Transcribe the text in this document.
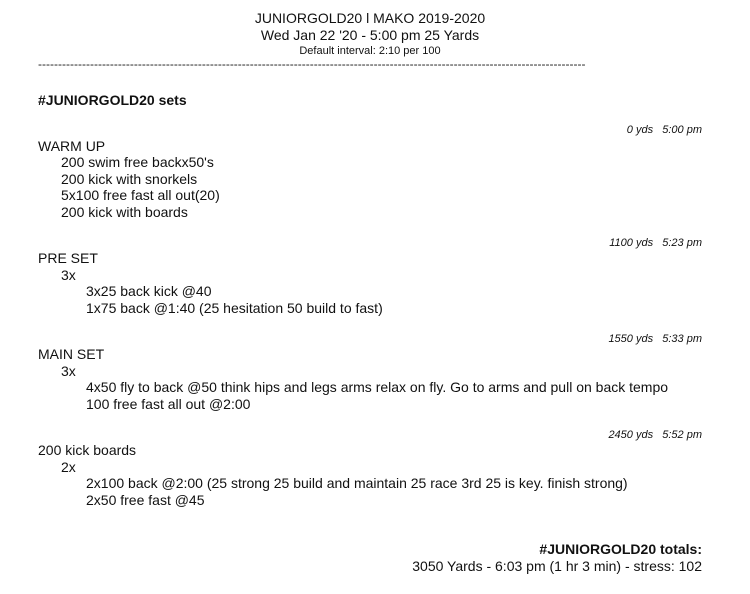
JUNIORGOLD20 l MAKO 2019-2020
Wed Jan 22 '20 - 5:00 pm 25 Yards
Default interval: 2:10 per 100
-----------------------------------------------------------------------------------------------------------------------------------------
#JUNIORGOLD20 sets
0 yds   5:00 pm
WARM UP
200 swim free backx50's
200 kick with snorkels
5x100 free fast all out(20)
200 kick with boards
1100 yds   5:23 pm
PRE SET
3x
3x25 back kick @40
1x75 back @1:40 (25 hesitation 50 build to fast)
1550 yds   5:33 pm
MAIN SET
3x
4x50 fly to back @50 think hips and legs arms relax on fly. Go to arms and pull on back tempo
100 free fast all out @2:00
2450 yds   5:52 pm
200 kick boards
2x
2x100 back @2:00 (25 strong 25 build and maintain 25 race 3rd 25 is key. finish strong)
2x50 free fast @45
#JUNIORGOLD20 totals:
3050 Yards - 6:03 pm (1 hr 3 min) - stress: 102
